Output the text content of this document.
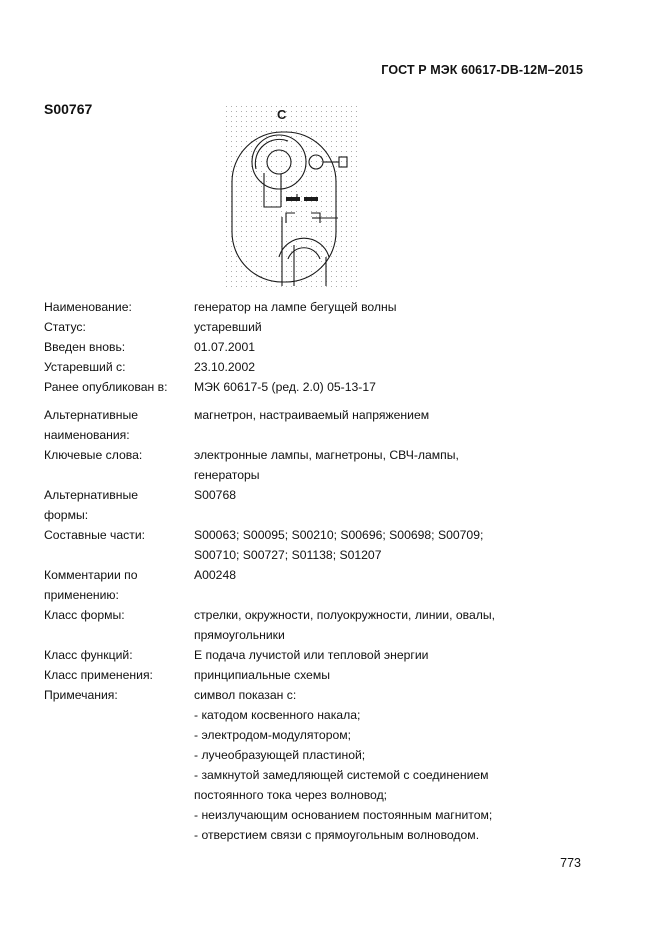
ГОСТ Р МЭК 60617-DB-12M–2015
S00767	C
Наименование:	генератор на лампе бегущей волны
Статус:	устаревший
Введен вновь:	01.07.2001
Устаревший с:	23.10.2002
Ранее опубликован в:	МЭК 60617-5 (ред. 2.0) 05-13-17
Альтернативные
наименования:
магнетрон, настраиваемый напряжением
Ключевые слова:	электронные лампы, магнетроны, СВЧ-лампы,
генераторы
Альтернативные
формы:
S00768
Составные части:	S00063; S00095; S00210; S00696; S00698; S00709;
S00710; S00727; S01138; S01207
Комментарии по
применению:
A00248
Класс формы:	стрелки, окружности, полуокружности, линии, овалы,
прямоугольники
Класс функций:	E подача лучистой или тепловой энергии
Класс применения:	принципиальные схемы
Примечания:	символ показан с:
- катодом косвенного накала;
- электродом-модулятором;
- лучеобразующей пластиной;
- замкнутой замедляющей системой с соединением
постоянного тока через волновод;
- неизлучающим основанием постоянным магнитом;
- отверстием связи с прямоугольным волноводом.
773
